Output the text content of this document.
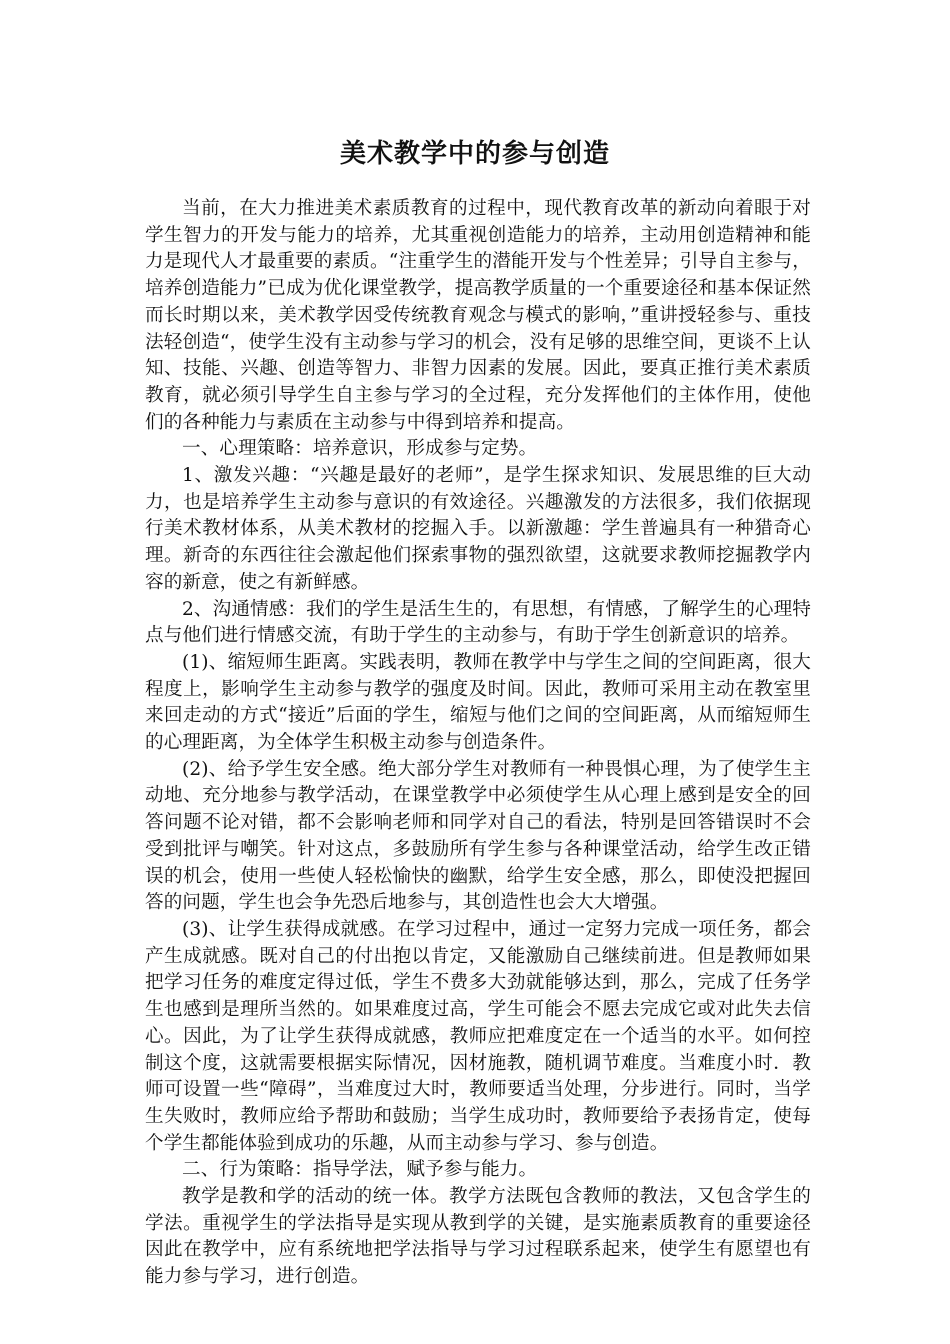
美术教学中的参与创造

当前，在大力推进美术素质教育的过程中，现代教育改革的新动向着眼于对学生智力的开发与能力的培养，尤其重视创造能力的培养，主动用创造精神和能力是现代人才最重要的素质。“注重学生的潜能开发与个性差异；引导自主参与，培养创造能力”已成为优化课堂教学，提高教学质量的一个重要途径和基本保证然而长时期以来，美术教学因受传统教育观念与模式的影响，”重讲授轻参与、重技法轻创造“，使学生没有主动参与学习的机会，没有足够的思维空间，更谈不上认知、技能、兴趣、创造等智力、非智力因素的发展。因此，要真正推行美术素质教育，就必须引导学生自主参与学习的全过程，充分发挥他们的主体作用，使他们的各种能力与素质在主动参与中得到培养和提高。

一、心理策略：培养意识，形成参与定势。

1、激发兴趣：“兴趣是最好的老师”，是学生探求知识、发展思维的巨大动力，也是培养学生主动参与意识的有效途径。兴趣激发的方法很多，我们依据现行美术教材体系，从美术教材的挖掘入手。以新激趣：学生普遍具有一种猎奇心理。新奇的东西往往会激起他们探索事物的强烈欲望，这就要求教师挖掘教学内容的新意，使之有新鲜感。

2、沟通情感：我们的学生是活生生的，有思想，有情感，了解学生的心理特点与他们进行情感交流，有助于学生的主动参与，有助于学生创新意识的培养。

(1)、缩短师生距离。实践表明，教师在教学中与学生之间的空间距离，很大程度上，影响学生主动参与教学的强度及时间。因此，教师可采用主动在教室里来回走动的方式“接近”后面的学生，缩短与他们之间的空间距离，从而缩短师生的心理距离，为全体学生积极主动参与创造条件。

(2)、给予学生安全感。绝大部分学生对教师有一种畏惧心理，为了使学生主动地、充分地参与教学活动，在课堂教学中必须使学生从心理上感到是安全的回答问题不论对错，都不会影响老师和同学对自己的看法，特别是回答错误时不会受到批评与嘲笑。针对这点，多鼓励所有学生参与各种课堂活动，给学生改正错误的机会，使用一些使人轻松愉快的幽默，给学生安全感，那么，即使没把握回答的问题，学生也会争先恐后地参与，其创造性也会大大增强。

(3)、让学生获得成就感。在学习过程中，通过一定努力完成一项任务，都会产生成就感。既对自己的付出抱以肯定，又能激励自己继续前进。但是教师如果把学习任务的难度定得过低，学生不费多大劲就能够达到，那么，完成了任务学生也感到是理所当然的。如果难度过高，学生可能会不愿去完成它或对此失去信心。因此，为了让学生获得成就感，教师应把难度定在一个适当的水平。如何控制这个度，这就需要根据实际情况，因材施教，随机调节难度。当难度小时．教师可设置一些“障碍”，当难度过大时，教师要适当处理，分步进行。同时，当学生失败时，教师应给予帮助和鼓励；当学生成功时，教师要给予表扬肯定，使每个学生都能体验到成功的乐趣，从而主动参与学习、参与创造。

二、行为策略：指导学法，赋予参与能力。

教学是教和学的活动的统一体。教学方法既包含教师的教法，又包含学生的学法。重视学生的学法指导是实现从教到学的关键，是实施素质教育的重要途径因此在教学中，应有系统地把学法指导与学习过程联系起来，使学生有愿望也有能力参与学习，进行创造。
